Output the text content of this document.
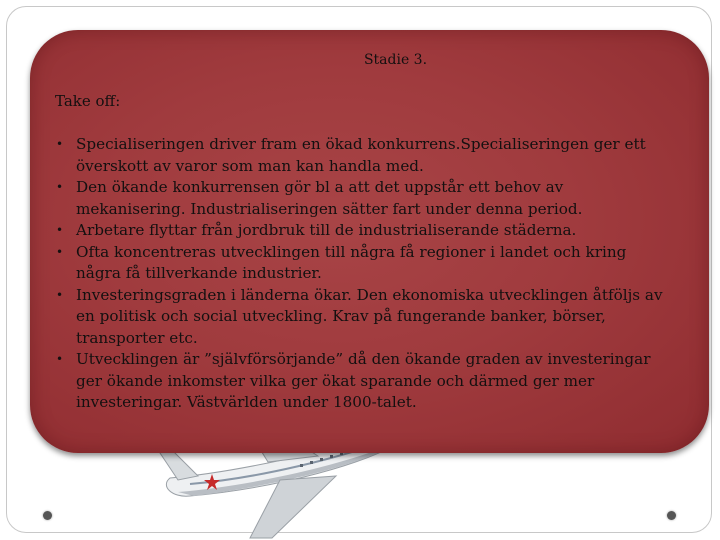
Stadie 3.
Take off:
• Specialiseringen driver fram en ökad konkurrens.Specialiseringen ger ett överskott av varor som man kan handla med.
• Den ökande konkurrensen gör bl a att det uppstår ett behov av mekanisering. Industrialiseringen sätter fart under denna period.
• Arbetare flyttar från jordbruk till de industrialiserande städerna.
• Ofta koncentreras utvecklingen till några få regioner i landet och kring några få tillverkande industrier.
• Investeringsgraden i länderna ökar. Den ekonomiska utvecklingen åtföljs av en politisk och social utveckling. Krav på fungerande banker, börser, transporter etc.
• Utvecklingen är ”självförsörjande” då den ökande graden av investeringar ger ökande inkomster vilka ger ökat sparande och därmed ger mer investeringar. Västvärlden under 1800-talet.
